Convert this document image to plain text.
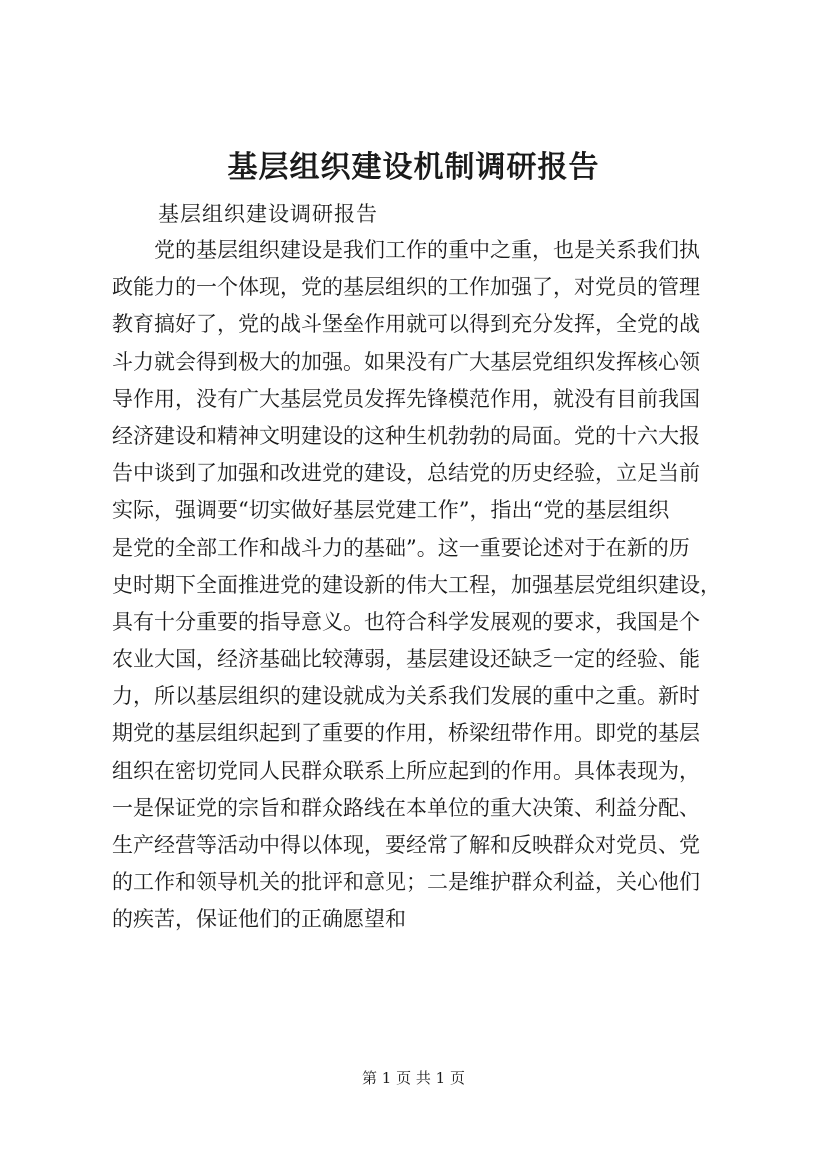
基层组织建设机制调研报告

基层组织建设调研报告

　　党的基层组织建设是我们工作的重中之重，也是关系我们执
政能力的一个体现，党的基层组织的工作加强了，对党员的管理
教育搞好了，党的战斗堡垒作用就可以得到充分发挥，全党的战
斗力就会得到极大的加强。如果没有广大基层党组织发挥核心领
导作用，没有广大基层党员发挥先锋模范作用，就没有目前我国
经济建设和精神文明建设的这种生机勃勃的局面。党的十六大报
告中谈到了加强和改进党的建设，总结党的历史经验，立足当前
实际，强调要“切实做好基层党建工作”，指出“党的基层组织
是党的全部工作和战斗力的基础”。这一重要论述对于在新的历
史时期下全面推进党的建设新的伟大工程，加强基层党组织建设，
具有十分重要的指导意义。也符合科学发展观的要求，我国是个
农业大国，经济基础比较薄弱，基层建设还缺乏一定的经验、能
力，所以基层组织的建设就成为关系我们发展的重中之重。新时
期党的基层组织起到了重要的作用，桥梁纽带作用。即党的基层
组织在密切党同人民群众联系上所应起到的作用。具体表现为，
一是保证党的宗旨和群众路线在本单位的重大决策、利益分配、
生产经营等活动中得以体现，要经常了解和反映群众对党员、党
的工作和领导机关的批评和意见；二是维护群众利益，关心他们
的疾苦，保证他们的正确愿望和
第 1 页 共 1 页
